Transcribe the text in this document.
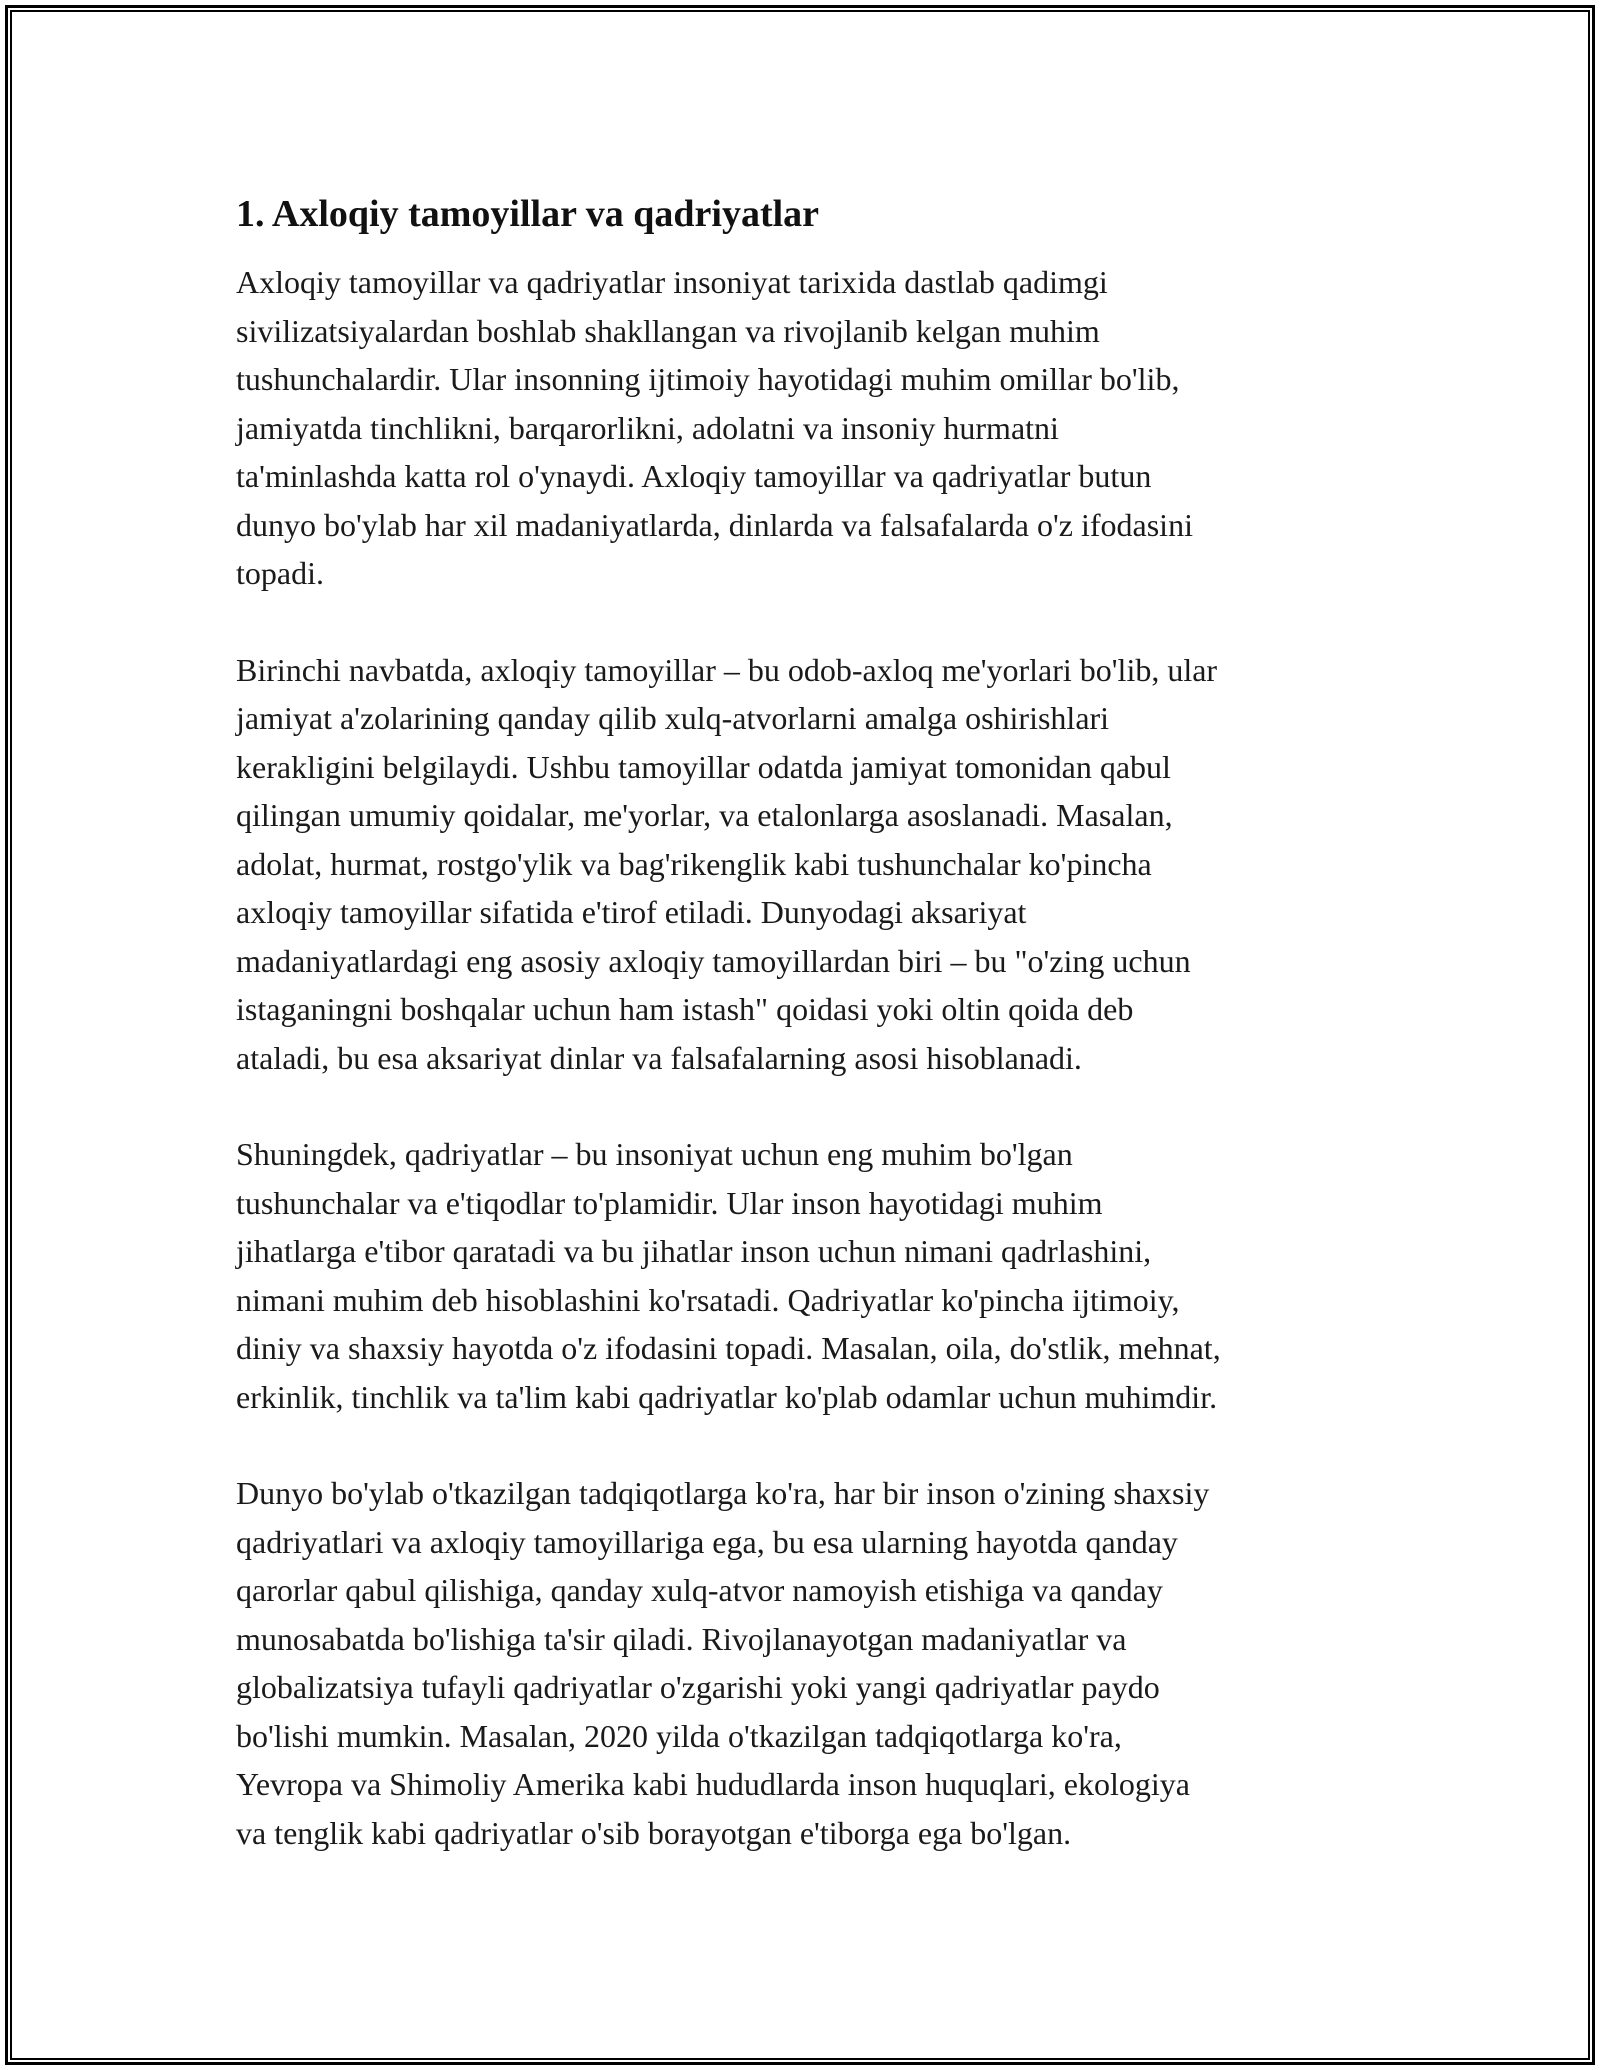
1. Axloqiy tamoyillar va qadriyatlar

Axloqiy tamoyillar va qadriyatlar insoniyat tarixida dastlab qadimgi
sivilizatsiyalardan boshlab shakllangan va rivojlanib kelgan muhim
tushunchalardir. Ular insonning ijtimoiy hayotidagi muhim omillar bo'lib,
jamiyatda tinchlikni, barqarorlikni, adolatni va insoniy hurmatni
ta'minlashda katta rol o'ynaydi. Axloqiy tamoyillar va qadriyatlar butun
dunyo bo'ylab har xil madaniyatlarda, dinlarda va falsafalarda o'z ifodasini
topadi.

Birinchi navbatda, axloqiy tamoyillar – bu odob-axloq me'yorlari bo'lib, ular
jamiyat a'zolarining qanday qilib xulq-atvorlarni amalga oshirishlari
kerakligini belgilaydi. Ushbu tamoyillar odatda jamiyat tomonidan qabul
qilingan umumiy qoidalar, me'yorlar, va etalonlarga asoslanadi. Masalan,
adolat, hurmat, rostgo'ylik va bag'rikenglik kabi tushunchalar ko'pincha
axloqiy tamoyillar sifatida e'tirof etiladi. Dunyodagi aksariyat
madaniyatlardagi eng asosiy axloqiy tamoyillardan biri – bu "o'zing uchun
istaganingni boshqalar uchun ham istash" qoidasi yoki oltin qoida deb
ataladi, bu esa aksariyat dinlar va falsafalarning asosi hisoblanadi.

Shuningdek, qadriyatlar – bu insoniyat uchun eng muhim bo'lgan
tushunchalar va e'tiqodlar to'plamidir. Ular inson hayotidagi muhim
jihatlarga e'tibor qaratadi va bu jihatlar inson uchun nimani qadrlashini,
nimani muhim deb hisoblashini ko'rsatadi. Qadriyatlar ko'pincha ijtimoiy,
diniy va shaxsiy hayotda o'z ifodasini topadi. Masalan, oila, do'stlik, mehnat,
erkinlik, tinchlik va ta'lim kabi qadriyatlar ko'plab odamlar uchun muhimdir.

Dunyo bo'ylab o'tkazilgan tadqiqotlarga ko'ra, har bir inson o'zining shaxsiy
qadriyatlari va axloqiy tamoyillariga ega, bu esa ularning hayotda qanday
qarorlar qabul qilishiga, qanday xulq-atvor namoyish etishiga va qanday
munosabatda bo'lishiga ta'sir qiladi. Rivojlanayotgan madaniyatlar va
globalizatsiya tufayli qadriyatlar o'zgarishi yoki yangi qadriyatlar paydo
bo'lishi mumkin. Masalan, 2020 yilda o'tkazilgan tadqiqotlarga ko'ra,
Yevropa va Shimoliy Amerika kabi hududlarda inson huquqlari, ekologiya
va tenglik kabi qadriyatlar o'sib borayotgan e'tiborga ega bo'lgan.
